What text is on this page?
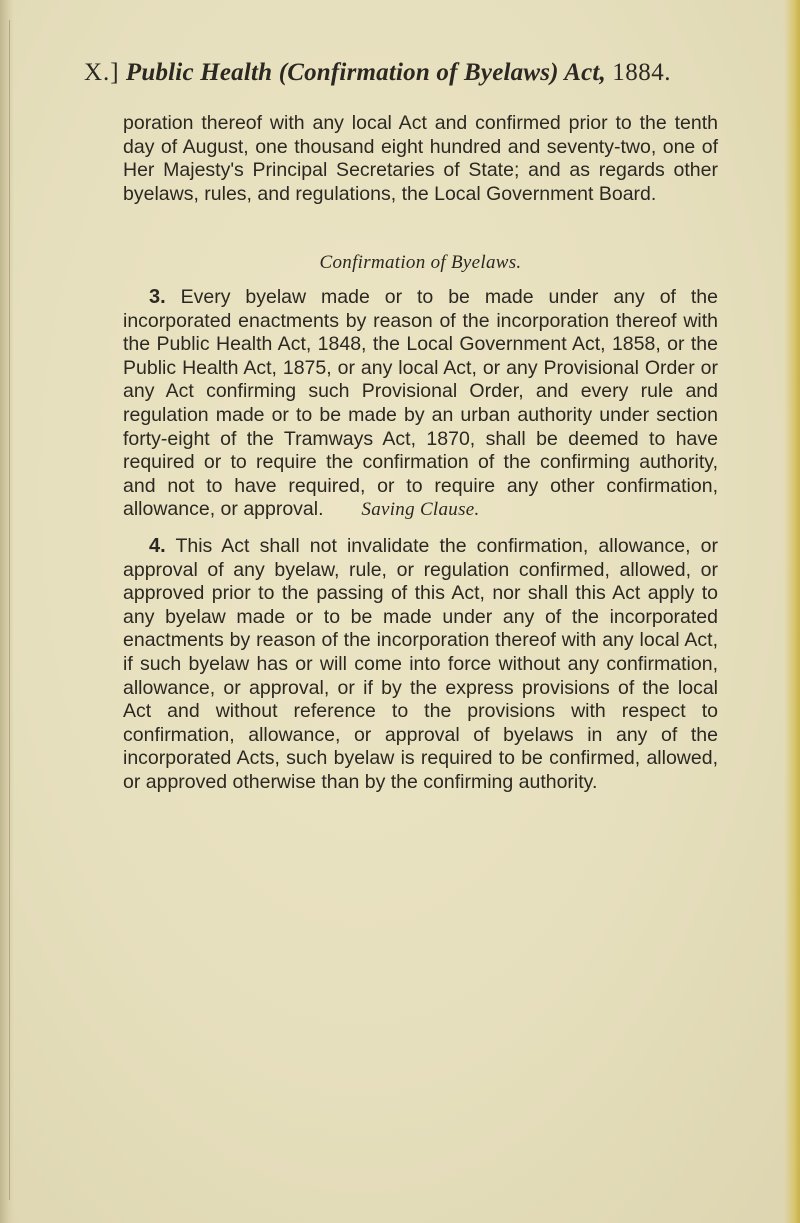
X.] Public Health (Confirmation of Byelaws) Act, 1884.
poration thereof with any local Act and confirmed prior to the tenth day of August, one thousand eight hundred and seventy-two, one of Her Majesty's Principal Secretaries of State; and as regards other byelaws, rules, and regulations, the Local Government Board.
Confirmation of Byelaws.
3. Every byelaw made or to be made under any of the incorporated enactments by reason of the incorporation thereof with the Public Health Act, 1848, the Local Government Act, 1858, or the Public Health Act, 1875, or any local Act, or any Provisional Order or any Act confirming such Provisional Order, and every rule and regulation made or to be made by an urban authority under section forty-eight of the Tramways Act, 1870, shall be deemed to have required or to require the confirmation of the confirming authority, and not to have required, or to require any other confirmation, allowance, or approval.	Saving Clause.
4. This Act shall not invalidate the confirmation, allowance, or approval of any byelaw, rule, or regulation confirmed, allowed, or approved prior to the passing of this Act, nor shall this Act apply to any byelaw made or to be made under any of the incorporated enactments by reason of the incorporation thereof with any local Act, if such byelaw has or will come into force without any confirmation, allowance, or approval, or if by the express provisions of the local Act and without reference to the provisions with respect to confirmation, allowance, or approval of byelaws in any of the incorporated Acts, such byelaw is required to be confirmed, allowed, or approved otherwise than by the confirming authority.
